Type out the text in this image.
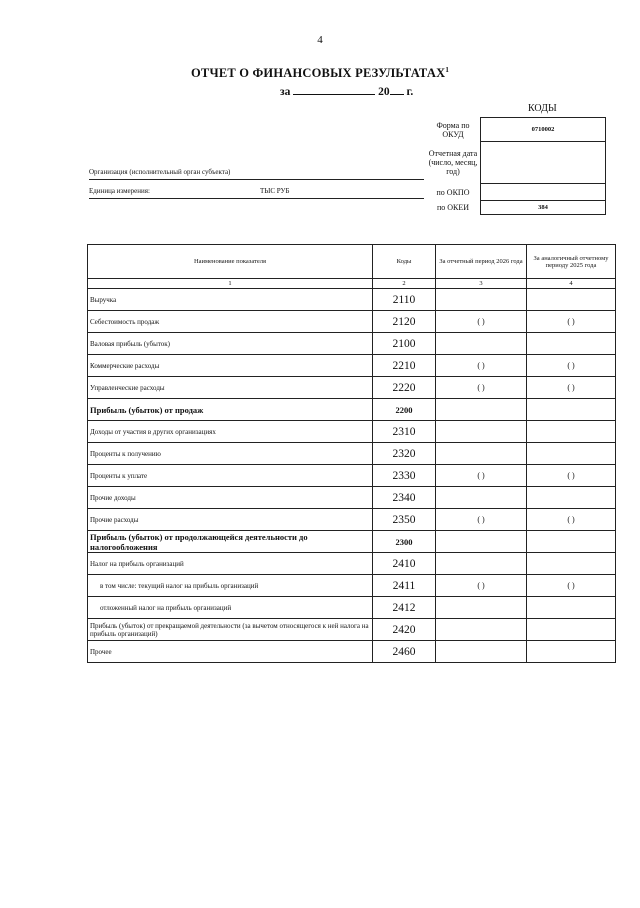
4
ОТЧЕТ О ФИНАНСОВЫХ РЕЗУЛЬТАТАХ$^1$
за	20 г.
КОДЫ
Форма по ОКУД	0710002
Отчетная дата (число, месяц, год)	
по ОКПО	
по ОКЕИ	384
Организация (исполнительный орган субъекта)
Единица измерения:	ТЫС РУБ
Наименование показателя	Коды	За отчетный период 2026 года	За аналогичный отчетному периоду 2025 года
1	2	3	4
Выручка	2110		
Себестоимость продаж	2120	( )	( )
Валовая прибыль (убыток)	2100		
Коммерческие расходы	2210	( )	( )
Управленческие расходы	2220	( )	( )
Прибыль (убыток) от продаж	2200		
Доходы от участия в других организациях	2310		
Проценты к получению	2320		
Проценты к уплате	2330	( )	( )
Прочие доходы	2340		
Прочие расходы	2350	( )	( )
Прибыль (убыток) от продолжающейся деятельности до налогообложения	2300		
Налог на прибыль организаций	2410		
в том числе: текущий налог на прибыль организаций	2411	( )	( )
отложенный налог на прибыль организаций	2412		
Прибыль (убыток) от прекращаемой деятельности (за вычетом относящегося к ней налога на прибыль организаций)	2420		
Прочее	2460		
